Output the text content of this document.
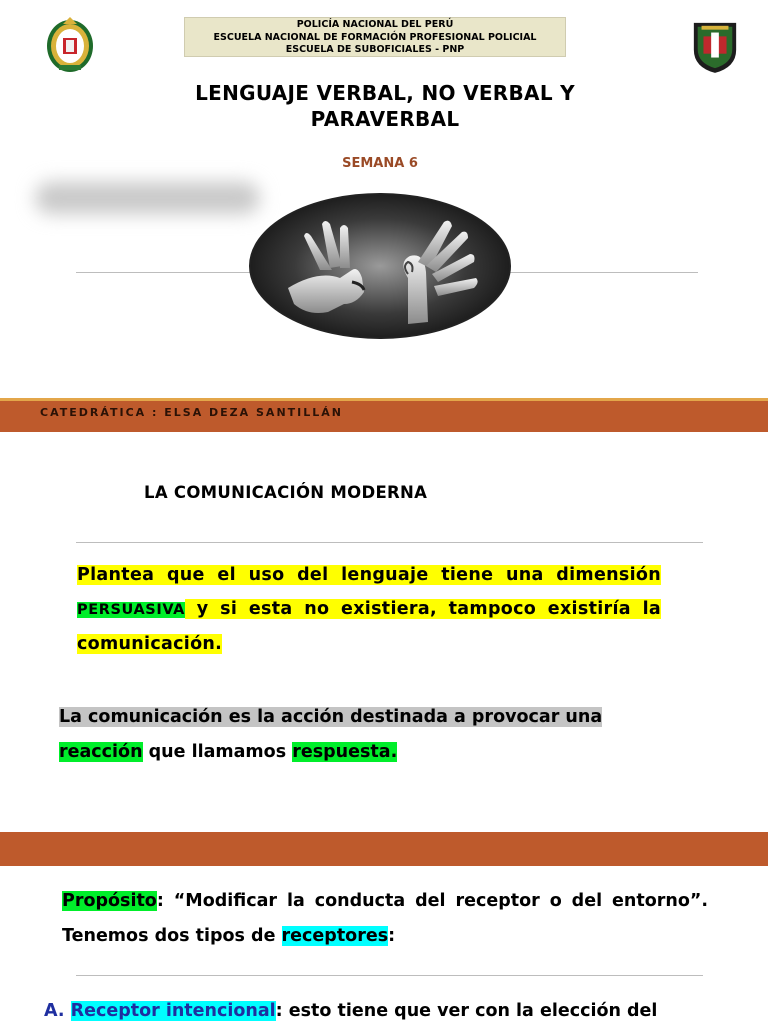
POLICÍA NACIONAL DEL PERÚ
ESCUELA NACIONAL DE FORMACIÓN PROFESIONAL POLICIAL
ESCUELA DE SUBOFICIALES - PNP
LENGUAJE VERBAL, NO VERBAL Y
PARAVERBAL
SEMANA 6
CATEDRÁTICA : ELSA DEZA SANTILLÁN
LA COMUNICACIÓN MODERNA

Plantea que el uso del lenguaje tiene una dimensión PERSUASIVA y si esta no existiera, tampoco existiría la comunicación.

La comunicación es la acción destinada a provocar una reacción que llamamos respuesta.

Propósito: “Modificar la conducta del receptor o del entorno”. Tenemos dos tipos de receptores:

A. Receptor intencional: esto tiene que ver con la elección del
